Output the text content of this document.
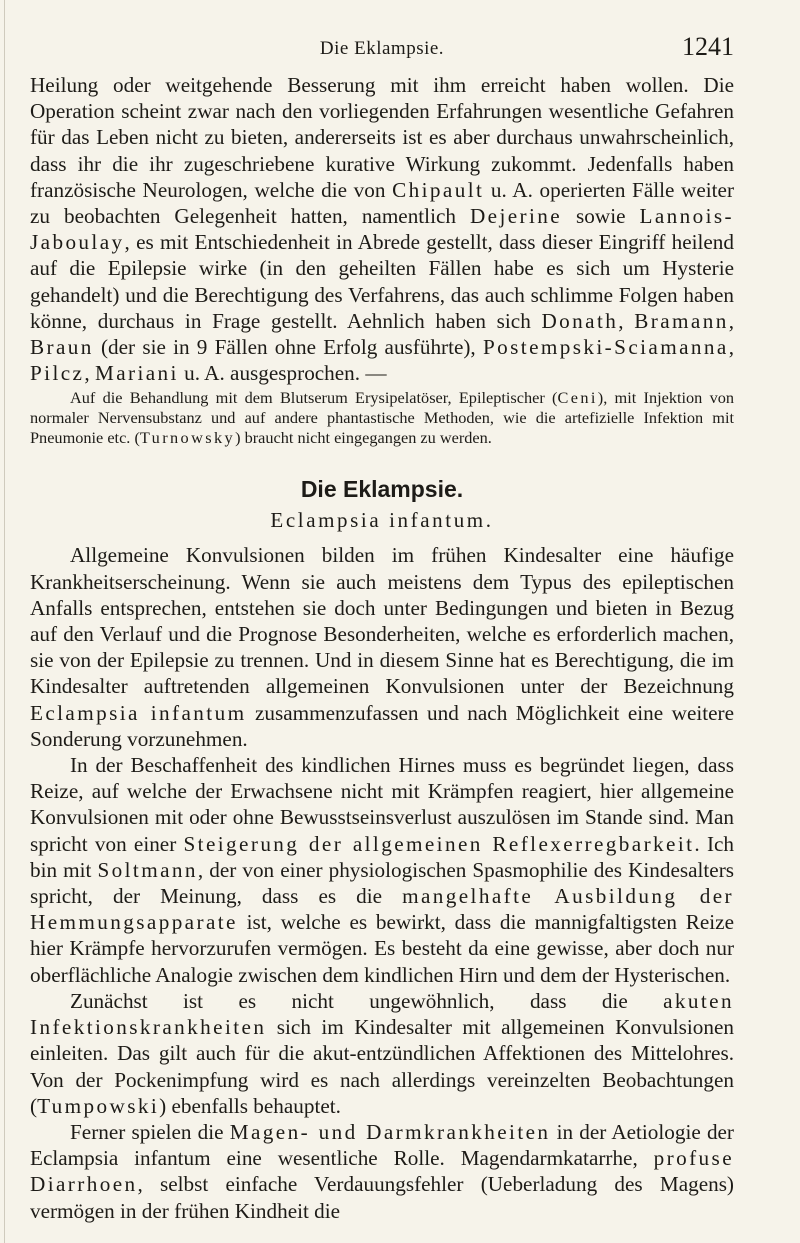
Die Eklampsie.	1241

Heilung oder weitgehende Besserung mit ihm erreicht haben wollen. Die Operation scheint zwar nach den vorliegenden Erfahrungen wesentliche Gefahren für das Leben nicht zu bieten, andererseits ist es aber durchaus unwahrscheinlich, dass ihr die ihr zugeschriebene kurative Wirkung zukommt. Jedenfalls haben französische Neurologen, welche die von Chipault u. A. operierten Fälle weiter zu beobachten Gelegenheit hatten, namentlich Dejerine sowie Lannois-Jaboulay, es mit Entschiedenheit in Abrede gestellt, dass dieser Eingriff heilend auf die Epilepsie wirke (in den geheilten Fällen habe es sich um Hysterie gehandelt) und die Berechtigung des Verfahrens, das auch schlimme Folgen haben könne, durchaus in Frage gestellt. Aehnlich haben sich Donath, Bramann, Braun (der sie in 9 Fällen ohne Erfolg ausführte), Postempski-Sciamanna, Pilcz, Mariani u. A. ausgesprochen. —

Auf die Behandlung mit dem Blutserum Erysipelatöser, Epileptischer (Ceni), mit Injektion von normaler Nervensubstanz und auf andere phantastische Methoden, wie die artefizielle Infektion mit Pneumonie etc. (Turnowsky) braucht nicht eingegangen zu werden.

Die Eklampsie.
Eclampsia infantum.

Allgemeine Konvulsionen bilden im frühen Kindesalter eine häufige Krankheitserscheinung. Wenn sie auch meistens dem Typus des epileptischen Anfalls entsprechen, entstehen sie doch unter Bedingungen und bieten in Bezug auf den Verlauf und die Prognose Besonderheiten, welche es erforderlich machen, sie von der Epilepsie zu trennen. Und in diesem Sinne hat es Berechtigung, die im Kindesalter auftretenden allgemeinen Konvulsionen unter der Bezeichnung Eclampsia infantum zusammenzufassen und nach Möglichkeit eine weitere Sonderung vorzunehmen.

In der Beschaffenheit des kindlichen Hirnes muss es begründet liegen, dass Reize, auf welche der Erwachsene nicht mit Krämpfen reagiert, hier allgemeine Konvulsionen mit oder ohne Bewusstseinsverlust auszulösen im Stande sind. Man spricht von einer Steigerung der allgemeinen Reflexerregbarkeit. Ich bin mit Soltmann, der von einer physiologischen Spasmophilie des Kindesalters spricht, der Meinung, dass es die mangelhafte Ausbildung der Hemmungsapparate ist, welche es bewirkt, dass die mannigfaltigsten Reize hier Krämpfe hervorzurufen vermögen. Es besteht da eine gewisse, aber doch nur oberflächliche Analogie zwischen dem kindlichen Hirn und dem der Hysterischen.

Zunächst ist es nicht ungewöhnlich, dass die akuten Infektionskrankheiten sich im Kindesalter mit allgemeinen Konvulsionen einleiten. Das gilt auch für die akut-entzündlichen Affektionen des Mittelohres. Von der Pockenimpfung wird es nach allerdings vereinzelten Beobachtungen (Tumpowski) ebenfalls behauptet.

Ferner spielen die Magen- und Darmkrankheiten in der Aetiologie der Eclampsia infantum eine wesentliche Rolle. Magendarmkatarrhe, profuse Diarrhoen, selbst einfache Verdauungsfehler (Ueberladung des Magens) vermögen in der frühen Kindheit die
